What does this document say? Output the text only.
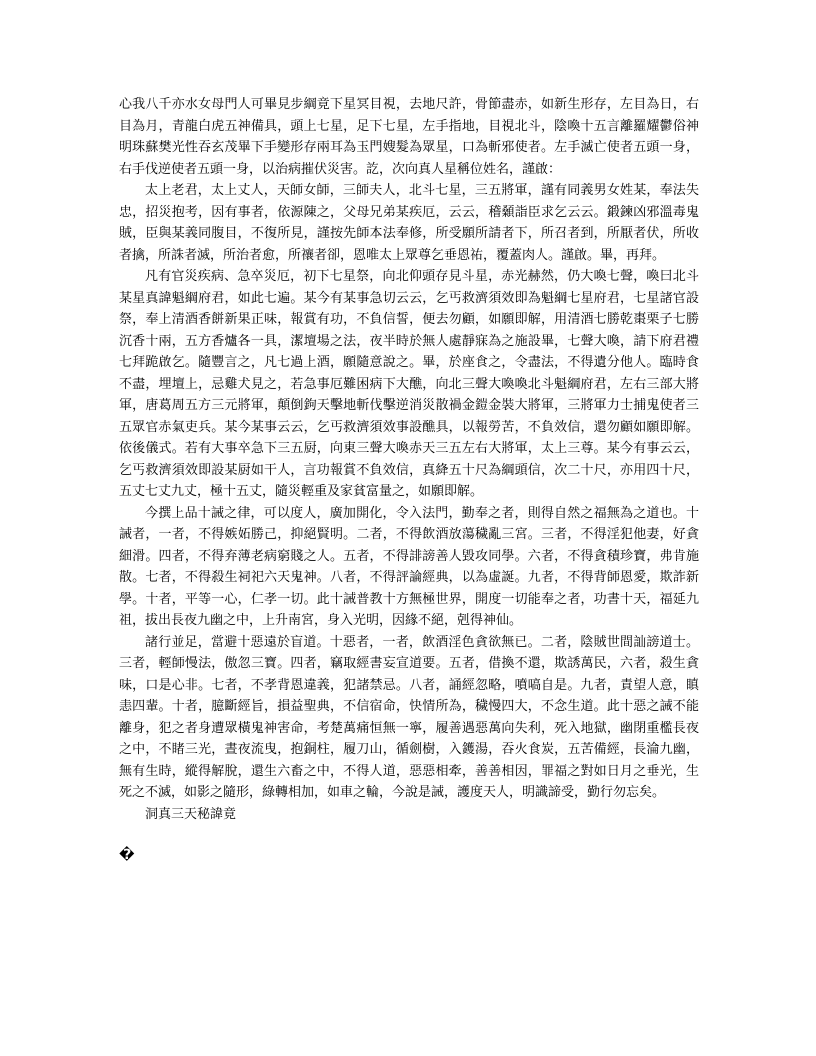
心我八千亦水女母門人可畢見步綱竟下星冥目視，去地尺許，骨節盡赤，如新生形存，左目為日，右目為月，青龍白虎五神備具，頭上七星，足下七星，左手指地，目視北斗，陰喚十五言離羅耀鬱俗神明珠蘇樊光性吞玄茂畢下手變形存兩耳為玉門嫂髮為眾星，口為斬邪使者。左手滅亡使者五頭一身，右手伐逆使者五頭一身，以治病摧伏災害。訖，次向真人星稱位姓名，謹啟：

太上老君，太上丈人，天師女師，三師夫人，北斗七星，三五將軍，謹有同義男女姓某，奉法失忠，招災抱考，因有事者，依源陳之，父母兄弟某疾厄，云云，稽顙詣臣求乞云云。鍛鍊凶邪溫毒鬼賊，臣與某義同腹目，不復所見，謹按先師本法奉修，所受願所請者下，所召者到，所厭者伏，所收者擒，所誅者滅，所治者愈，所禳者卻，恩唯太上眾尊乞垂恩祐，覆蓋肉人。謹啟。畢，再拜。

凡有官災疾病、急卒災厄，初下七星祭，向北仰頭存見斗星，赤光赫然，仍大喚七聲，喚曰北斗某星真諱魁綱府君，如此七遍。某今有某事急切云云，乞丐救濟須效即為魁綱七星府君，七星諸官設祭，奉上清酒香餅新果正味，報賞有功，不負信誓，便去勿顧，如願即解，用清酒七勝乾棗栗子七勝沉香十兩，五方香爐各一具，潔壇場之法，夜半時於無人處靜寐為之施設畢，七聲大喚，請下府君禮七拜跪啟乞。隨豐言之，凡七過上酒，願隨意說之。畢，於座食之，令盡法，不得遺分他人。臨時食不盡，埋壇上，忌雞犬見之，若急事厄難困病下大醮，向北三聲大喚喚北斗魁綱府君，左右三部大將軍，唐葛周五方三元將軍，顛倒鉤天擊地斬伐擊逆消災散禍金鎧金裝大將軍，三將軍力士捕鬼使者三五眾官赤氣吏兵。某今某事云云，乞丐救濟須效事設醮具，以報勞苦，不負效信，還勿顧如願即解。依後儀式。若有大事卒急下三五厨，向東三聲大喚赤天三五左右大將軍，太上三尊。某今有事云云，乞丐救濟須效即設某厨如干人，言功報賞不負效信，真絳五十尺為綱頭信，次二十尺，亦用四十尺，五丈七丈九丈，極十五丈，隨災輕重及家貧富量之，如願即解。

今撰上品十誡之律，可以度人，廣加開化，令入法門，勤奉之者，則得自然之福無為之道也。十誡者，一者，不得嫉妬勝己，抑絕賢明。二者，不得飲酒放蕩穢亂三宮。三者，不得淫犯他妻，好貪細滑。四者，不得弃薄老病窮賤之人。五者，不得誹謗善人毀攻同學。六者，不得貪積珍寶，弗肯施散。七者，不得殺生祠祀六天鬼神。八者，不得評論經典，以為虛誕。九者，不得背師恩愛，欺詐新學。十者，平等一心，仁孝一切。此十誡普教十方無極世界，開度一切能奉之者，功書十天，福延九祖，拔出長夜九幽之中，上升南宮，身入光明，因緣不絕，剋得神仙。

諸行並足，當避十惡遠於盲道。十惡者，一者，飲酒淫色貪欲無已。二者，陰賊世間訕謗道士。三者，輕師慢法，傲忽三寶。四者，竊取經書妄宣道要。五者，借換不還，欺誘萬民，六者，殺生貪味，口是心非。七者，不孝背恩違義，犯諸禁忌。八者，誦經忽略，噴嗃自是。九者，責望人意，瞋恚四輩。十者，臆斷經旨，損益聖典，不信宿命，快情所為，穢慢四大，不念生道。此十惡之誡不能離身，犯之者身遭眾橫鬼神害命，考楚萬痛恒無一寧，履善遇惡萬向失利，死入地獄，幽閉重檻長夜之中，不睹三光，晝夜流曳，抱銅柱，履刀山，循劍樹，入鑊湯，吞火食炭，五苦備經，長淪九幽，無有生時，縱得解脫，還生六畜之中，不得人道，惡惡相牽，善善相因，罪福之對如日月之垂光，生死之不滅，如影之隨形，綠轉相加，如車之輪，今說是誡，護度天人，明識諦受，勤行勿忘矣。

洞真三天秘諱竟

�
